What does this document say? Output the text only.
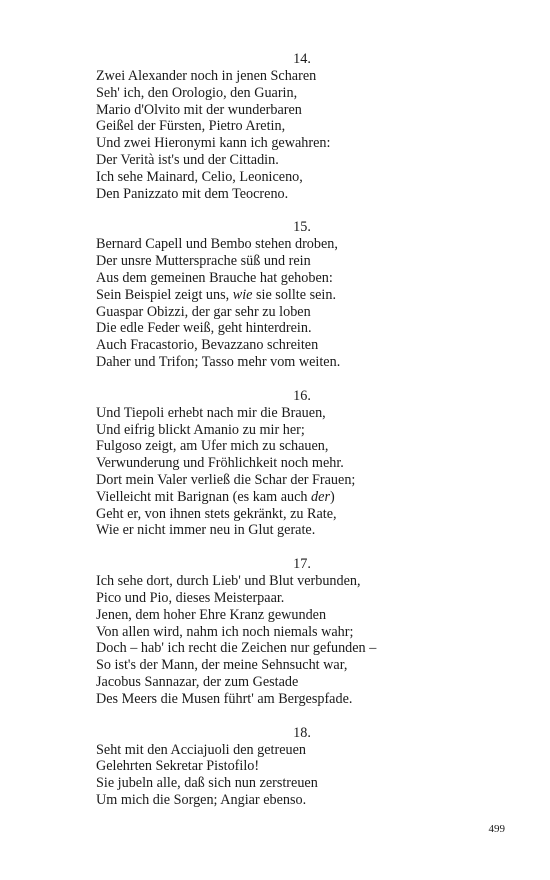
14.
Zwei Alexander noch in jenen Scharen
Seh' ich, den Orologio, den Guarin,
Mario d'Olvito mit der wunderbaren
Geißel der Fürsten, Pietro Aretin,
Und zwei Hieronymi kann ich gewahren:
Der Verità ist's und der Cittadin.
Ich sehe Mainard, Celio, Leoniceno,
Den Panizzato mit dem Teocreno.
15.
Bernard Capell und Bembo stehen droben,
Der unsre Muttersprache süß und rein
Aus dem gemeinen Brauche hat gehoben:
Sein Beispiel zeigt uns, wie sie sollte sein.
Guaspar Obizzi, der gar sehr zu loben
Die edle Feder weiß, geht hinterdrein.
Auch Fracastorio, Bevazzano schreiten
Daher und Trifon; Tasso mehr vom weiten.
16.
Und Tiepoli erhebt nach mir die Brauen,
Und eifrig blickt Amanio zu mir her;
Fulgoso zeigt, am Ufer mich zu schauen,
Verwunderung und Fröhlichkeit noch mehr.
Dort mein Valer verließ die Schar der Frauen;
Vielleicht mit Barignan (es kam auch der)
Geht er, von ihnen stets gekränkt, zu Rate,
Wie er nicht immer neu in Glut gerate.
17.
Ich sehe dort, durch Lieb' und Blut verbunden,
Pico und Pio, dieses Meisterpaar.
Jenen, dem hoher Ehre Kranz gewunden
Von allen wird, nahm ich noch niemals wahr;
Doch – hab' ich recht die Zeichen nur gefunden –
So ist's der Mann, der meine Sehnsucht war,
Jacobus Sannazar, der zum Gestade
Des Meers die Musen führt' am Bergespfade.
18.
Seht mit den Acciajuoli den getreuen
Gelehrten Sekretar Pistofilo!
Sie jubeln alle, daß sich nun zerstreuen
Um mich die Sorgen; Angiar ebenso.
499
